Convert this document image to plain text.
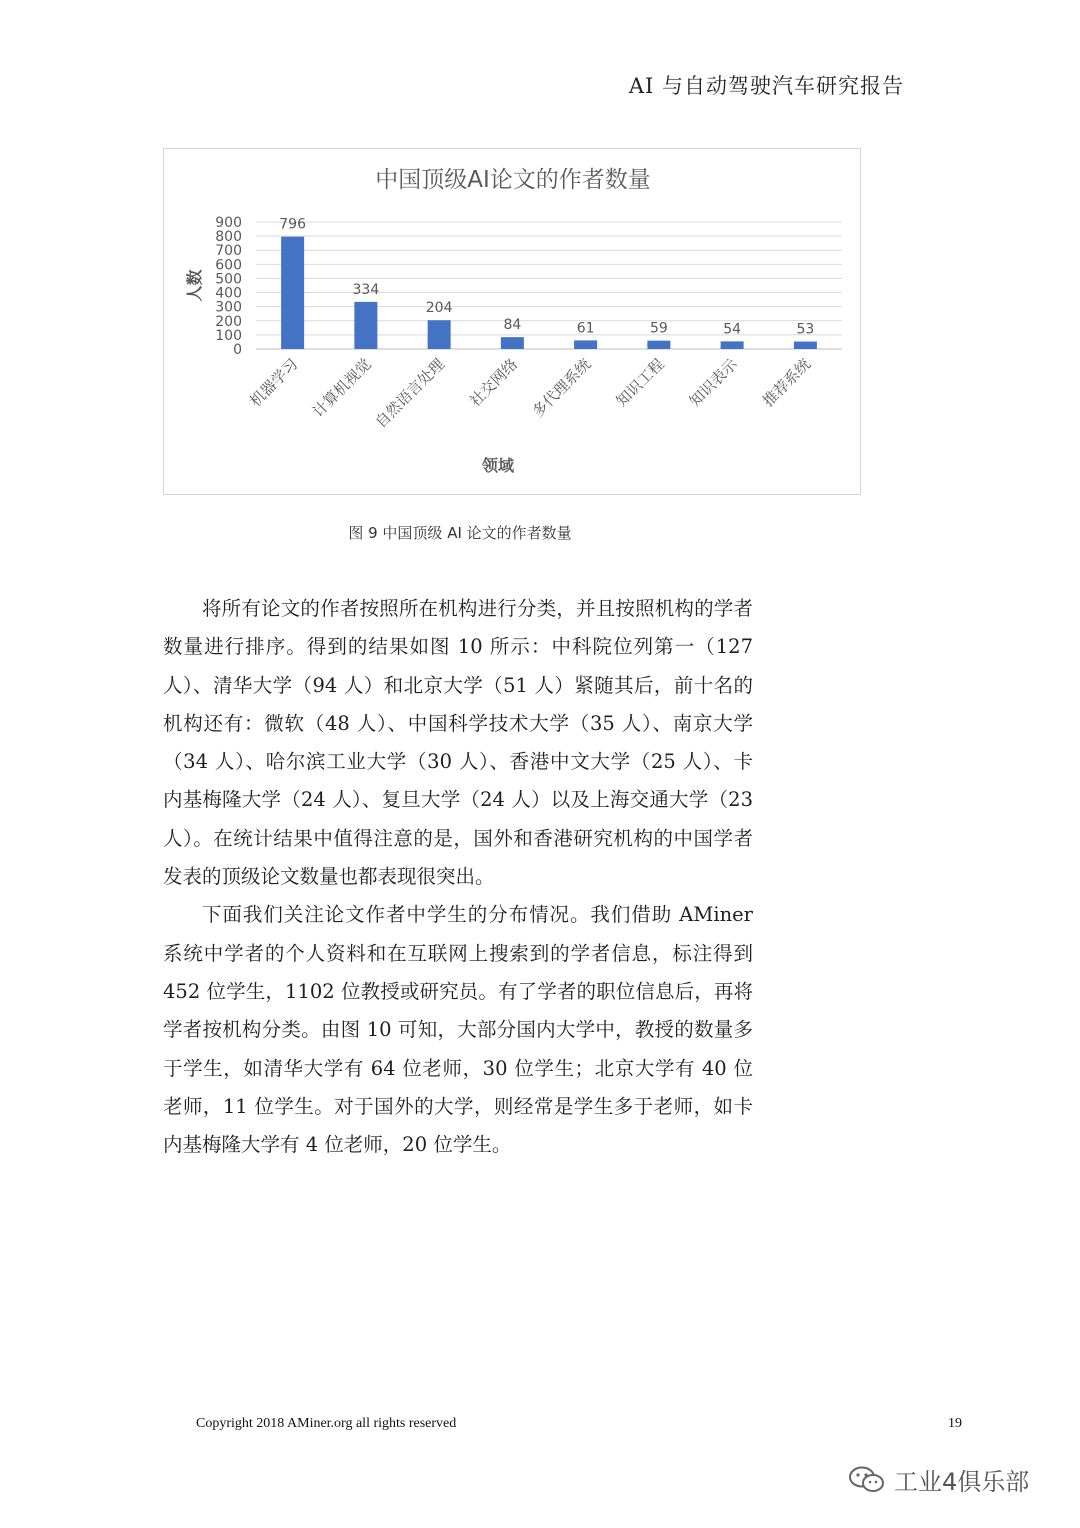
AI 与自动驾驶汽车研究报告
中国顶级AI论文的作者数量
0
100
200
300
400
500
600
700
800
900
人数
796
机器学习
334
计算机视觉
204
自然语言处理
84
社交网络
61
多代理系统
59
知识工程
54
知识表示
53
推荐系统
领域
图 9 中国顶级 AI 论文的作者数量

将所有论文的作者按照所在机构进行分类，并且按照机构的学者数量进行排序。得到的结果如图 10 所示：中科院位列第一（127 人）、清华大学（94 人）和北京大学（51 人）紧随其后，前十名的机构还有：微软（48 人）、中国科学技术大学（35 人）、南京大学（34 人）、哈尔滨工业大学（30 人）、香港中文大学（25 人）、卡内基梅隆大学（24 人）、复旦大学（24 人）以及上海交通大学（23 人）。在统计结果中值得注意的是，国外和香港研究机构的中国学者发表的顶级论文数量也都表现很突出。

下面我们关注论文作者中学生的分布情况。我们借助 AMiner 系统中学者的个人资料和在互联网上搜索到的学者信息，标注得到 452 位学生，1102 位教授或研究员。有了学者的职位信息后，再将学者按机构分类。由图 10 可知，大部分国内大学中，教授的数量多于学生，如清华大学有 64 位老师，30 位学生；北京大学有 40 位老师，11 位学生。对于国外的大学，则经常是学生多于老师，如卡内基梅隆大学有 4 位老师，20 位学生。

Copyright 2018 AMiner.org all rights reserved	19
工业4俱乐部
